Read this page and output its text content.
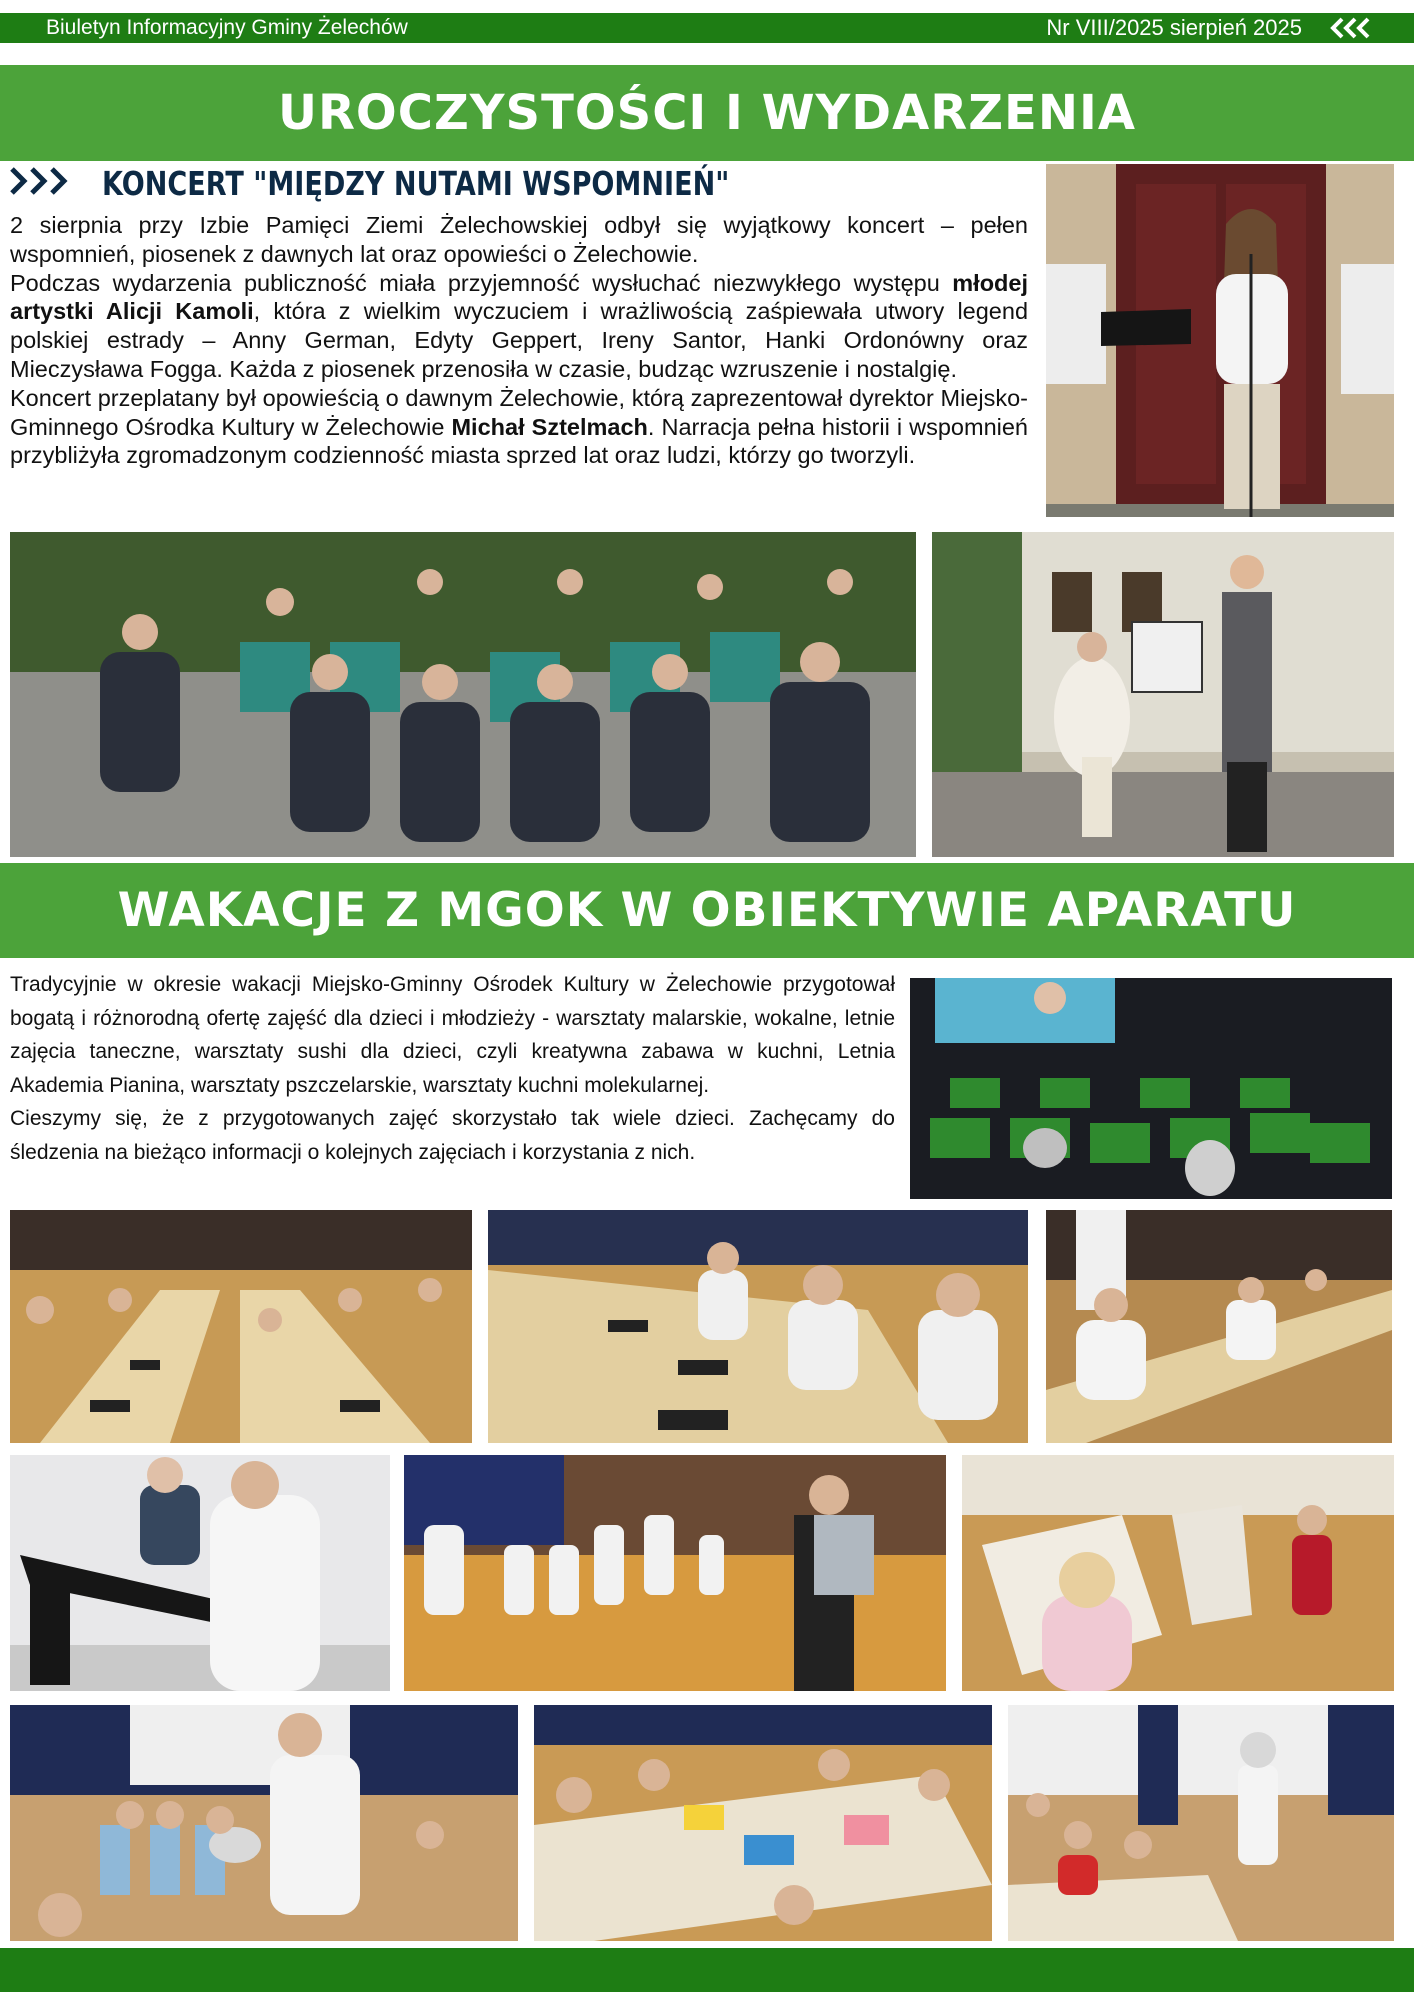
Biuletyn Informacyjny Gminy Żelechów	Nr VIII/2025 sierpień 2025
UROCZYSTOŚCI I WYDARZENIA
KONCERT "MIĘDZY NUTAMI WSPOMNIEŃ"

2 sierpnia przy Izbie Pamięci Ziemi Żelechowskiej odbył się wyjątkowy koncert – pełen wspomnień, piosenek z dawnych lat oraz opowieści o Żelechowie.

Podczas wydarzenia publiczność miała przyjemność wysłuchać niezwykłego występu młodej artystki Alicji Kamoli, która z wielkim wyczuciem i wrażliwością zaśpiewała utwory legend polskiej estrady – Anny German, Edyty Geppert, Ireny Santor, Hanki Ordonówny oraz Mieczysława Fogga. Każda z piosenek przenosiła w czasie, budząc wzruszenie i nostalgię.

Koncert przeplatany był opowieścią o dawnym Żelechowie, którą zaprezentował dyrektor Miejsko-Gminnego Ośrodka Kultury w Żelechowie Michał Sztelmach. Narracja pełna historii i wspomnień przybliżyła zgromadzonym codzienność miasta sprzed lat oraz ludzi, którzy go tworzyli.

WAKACJE Z MGOK W OBIEKTYWIE APARATU

Tradycyjnie w okresie wakacji Miejsko-Gminny Ośrodek Kultury w Żelechowie przygotował bogatą i różnorodną ofertę zajęść dla dzieci i młodzieży - warsztaty malarskie, wokalne, letnie zajęcia taneczne, warsztaty sushi dla dzieci, czyli kreatywna zabawa w kuchni, Letnia Akademia Pianina, warsztaty pszczelarskie, warsztaty kuchni molekularnej.

Cieszymy się, że z przygotowanych zajęć skorzystało tak wiele dzieci. Zachęcamy do śledzenia na bieżąco informacji o kolejnych zajęciach i korzystania z nich.
